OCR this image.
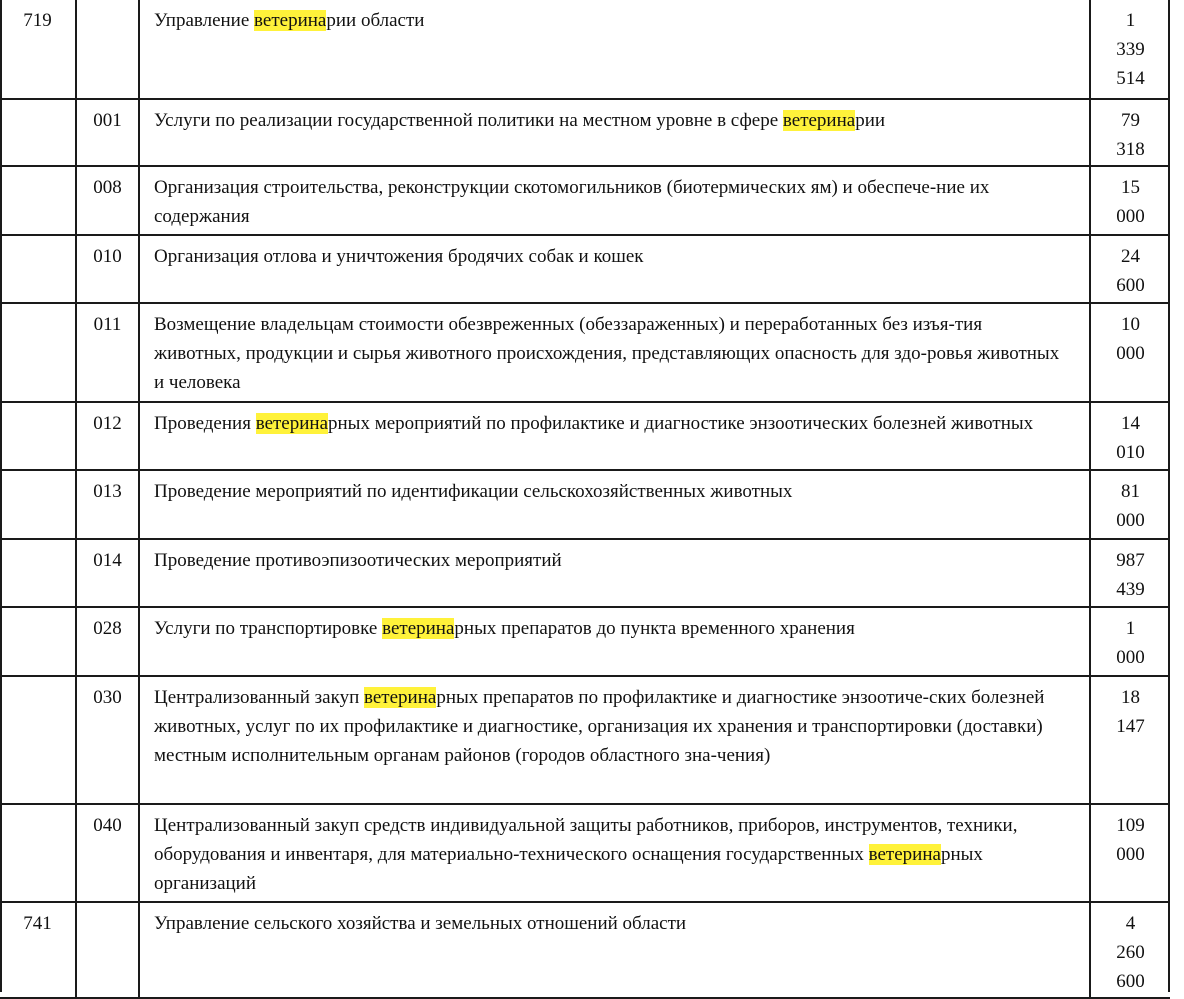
719		Управление ветеринарии области	1
339
514

	001	Услуги по реализации государственной политики на местном уровне в сфере ветеринарии	79
318

	008	Организация строительства, реконструкции скотомогильников (биотермических ям) и обеспече-ние их содержания	15
000

	010	Организация отлова и уничтожения бродячих собак и кошек	24
600

	011	Возмещение владельцам стоимости обезвреженных (обеззараженных) и переработанных без изъя-тия животных, продукции и сырья животного происхождения, представляющих опасность для здо-ровья животных и человека	10
000

	012	Проведения ветеринарных мероприятий по профилактике и диагностике энзоотических болезней животных	14
010

	013	Проведение мероприятий по идентификации сельскохозяйственных животных	81
000

	014	Проведение противоэпизоотических мероприятий	987
439

	028	Услуги по транспортировке ветеринарных препаратов до пункта временного хранения	1
000

	030	Централизованный закуп ветеринарных препаратов по профилактике и диагностике энзоотиче-ских болезней животных, услуг по их профилактике и диагностике, организация их хранения и транспортировки (доставки) местным исполнительным органам районов (городов областного зна-чения)	18
147

	040	Централизованный закуп средств индивидуальной защиты работников, приборов, инструментов, техники, оборудования и инвентаря, для материально-технического оснащения государственных ветеринарных организаций	109
000

741		Управление сельского хозяйства и земельных отношений области	4
260
600
